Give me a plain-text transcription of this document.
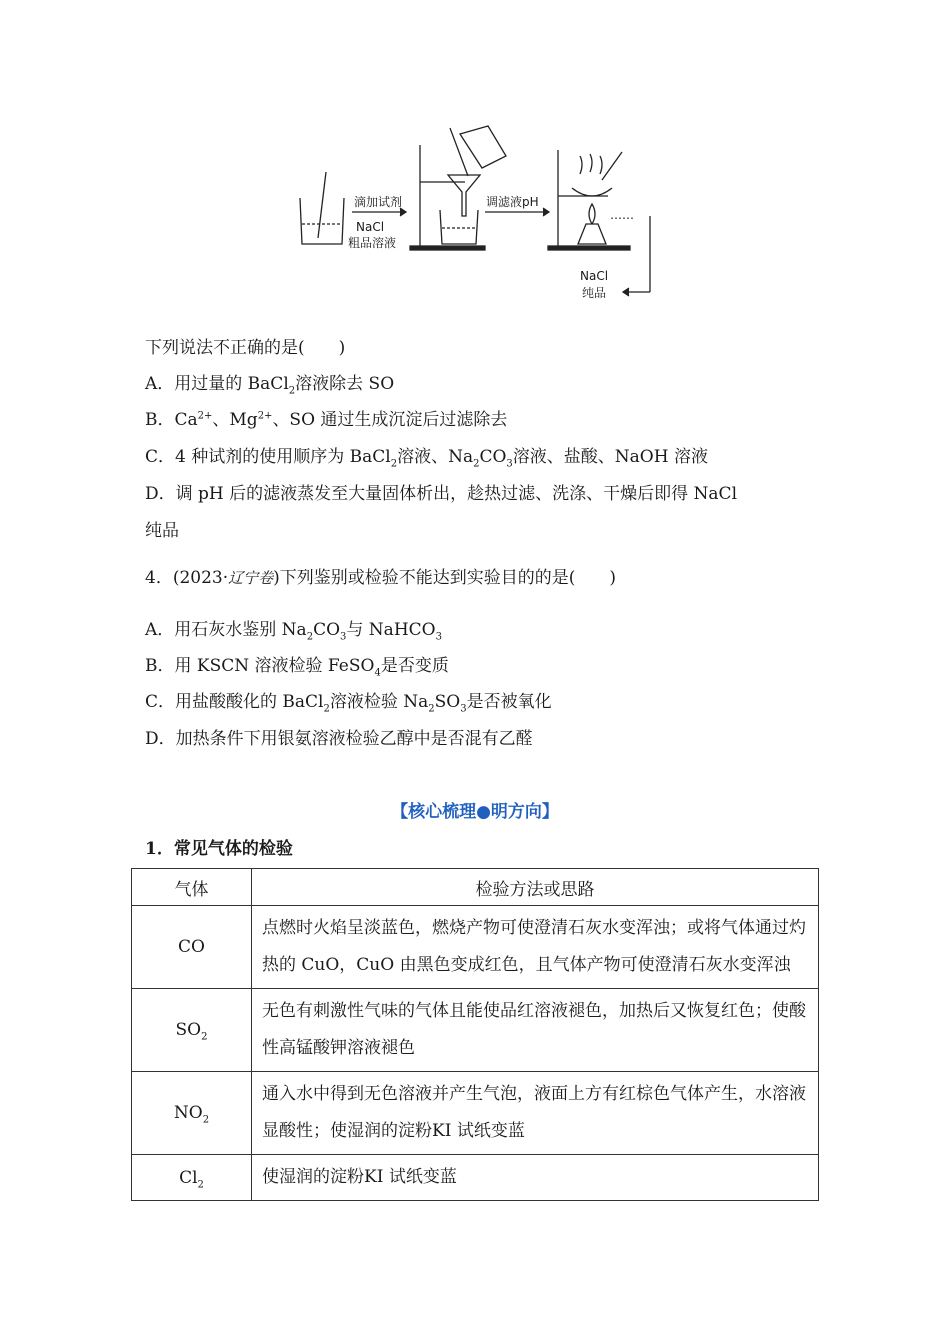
滴加试剂
NaCl
粗品溶液
调滤液pH
……
NaCl
纯品
下列说法不正确的是(　　)
A．用过量的 BaCl$_2$溶液除去 SO
B．$Ca^{2+}$、$Mg^{2+}$、SO 通过生成沉淀后过滤除去
C．4 种试剂的使用顺序为 BaCl$_2$溶液、$Na_2CO_3$溶液、盐酸、NaOH 溶液
D．调 pH 后的滤液蒸发至大量固体析出，趁热过滤、洗涤、干燥后即得 NaCl
纯品
4．(2023·辽宁卷)下列鉴别或检验不能达到实验目的的是(　　)
A．用石灰水鉴别 $Na_2CO_3$与 NaHCO$_3$
B．用 KSCN 溶液检验 FeSO$_4$是否变质
C．用盐酸酸化的 BaCl$_2$溶液检验 $Na_2SO_3$是否被氧化
D．加热条件下用银氨溶液检验乙醇中是否混有乙醛
【核心梳理●明方向】
1．常见气体的检验
气体	检验方法或思路
CO	点燃时火焰呈淡蓝色，燃烧产物可使澄清石灰水变浑浊；或将气体通过灼热的 CuO，CuO 由黑色变成红色，且气体产物可使澄清石灰水变浑浊
$SO_2$	无色有刺激性气味的气体且能使品红溶液褪色，加热后又恢复红色；使酸性高锰酸钾溶液褪色
$NO_2$	通入水中得到无色溶液并产生气泡，液面上方有红棕色气体产生，水溶液显酸性；使湿润的淀粉KI 试纸变蓝
$Cl_2$	使湿润的淀粉KI 试纸变蓝
